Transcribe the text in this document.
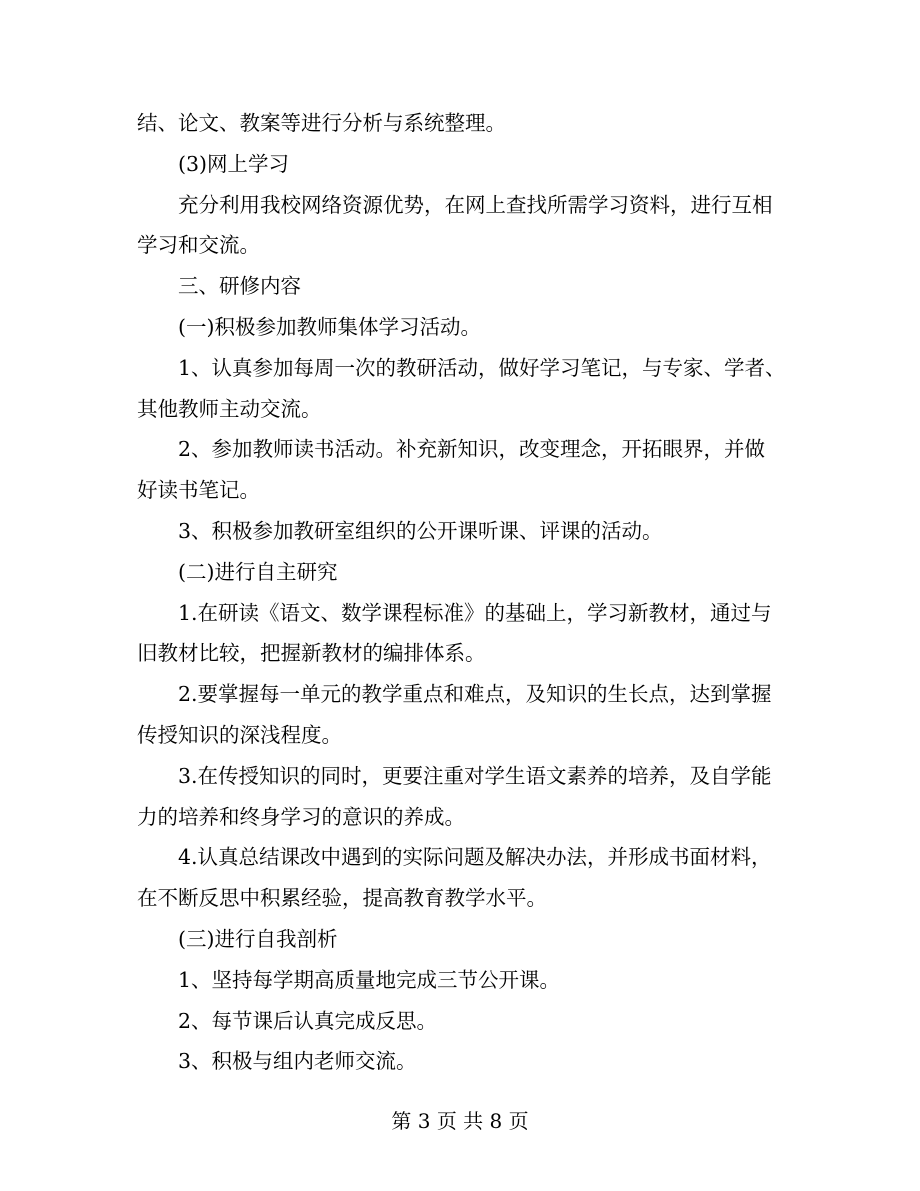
结、论文、教案等进行分析与系统整理。
(3)网上学习
充分利用我校网络资源优势，在网上查找所需学习资料，进行互相
学习和交流。
三、研修内容
(一)积极参加教师集体学习活动。
1、认真参加每周一次的教研活动，做好学习笔记，与专家、学者、
其他教师主动交流。
2、参加教师读书活动。补充新知识，改变理念，开拓眼界，并做
好读书笔记。
3、积极参加教研室组织的公开课听课、评课的活动。
(二)进行自主研究
1.在研读《语文、数学课程标准》的基础上，学习新教材，通过与
旧教材比较，把握新教材的编排体系。
2.要掌握每一单元的教学重点和难点，及知识的生长点，达到掌握
传授知识的深浅程度。
3.在传授知识的同时，更要注重对学生语文素养的培养，及自学能
力的培养和终身学习的意识的养成。
4.认真总结课改中遇到的实际问题及解决办法，并形成书面材料，
在不断反思中积累经验，提高教育教学水平。
(三)进行自我剖析
1、坚持每学期高质量地完成三节公开课。
2、每节课后认真完成反思。
3、积极与组内老师交流。
第 3 页 共 8 页
